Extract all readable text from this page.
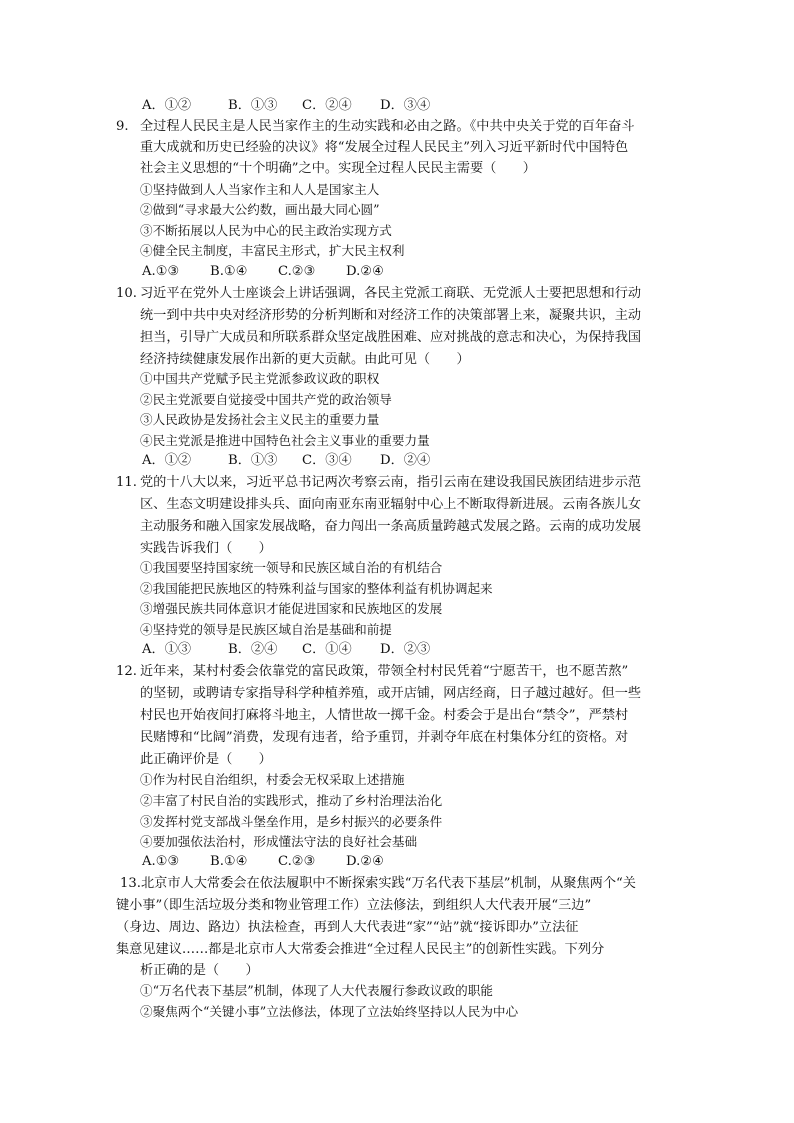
A．①②	B．①③ C．②④ D．③④
9. 全过程人民民主是人民当家作主的生动实践和必由之路。《中共中央关于党的百年奋斗
重大成就和历史已经验的决议》将“发展全过程人民民主”列入习近平新时代中国特色
社会主义思想的“十个明确”之中。实现全过程人民民主需要（　　）
①坚持做到人人当家作主和人人是国家主人
②做到“寻求最大公约数，画出最大同心圆”
③不断拓展以人民为中心的民主政治实现方式
④健全民主制度，丰富民主形式，扩大民主权利
A.①③ B.①④ C.②③ D.②④
10. 习近平在党外人士座谈会上讲话强调，各民主党派工商联、无党派人士要把思想和行动
统一到中共中央对经济形势的分析判断和对经济工作的决策部署上来，凝聚共识，主动
担当，引导广大成员和所联系群众坚定战胜困难、应对挑战的意志和决心，为保持我国
经济持续健康发展作出新的更大贡献。由此可见（　　）
①中国共产党赋予民主党派参政议政的职权
②民主党派要自觉接受中国共产党的政治领导
③人民政协是发扬社会主义民主的重要力量
④民主党派是推进中国特色社会主义事业的重要力量
A．①②	B．①③ C．③④ D．②④
11. 党的十八大以来，习近平总书记两次考察云南，指引云南在建设我国民族团结进步示范
区、生态文明建设排头兵、面向南亚东南亚辐射中心上不断取得新进展。云南各族儿女
主动服务和融入国家发展战略，奋力闯出一条高质量跨越式发展之路。云南的成功发展
实践告诉我们（　　）
①我国要坚持国家统一领导和民族区域自治的有机结合
②我国能把民族地区的特殊利益与国家的整体利益有机协调起来
③增强民族共同体意识才能促进国家和民族地区的发展
④坚持党的领导是民族区域自治是基础和前提
A．①③	B．②④ C．①④ D．②③
12. 近年来，某村村委会依靠党的富民政策，带领全村村民凭着“宁愿苦干，也不愿苦熬”
的坚韧，或聘请专家指导科学种植养殖，或开店铺，网店经商，日子越过越好。但一些
村民也开始夜间打麻将斗地主，人情世故一掷千金。村委会于是出台“禁令”，严禁村
民赌博和“比阔”消费，发现有违者，给予重罚，并剥夺年底在村集体分红的资格。对
此正确评价是（　　）
①作为村民自治组织，村委会无权采取上述措施
②丰富了村民自治的实践形式，推动了乡村治理法治化
③发挥村党支部战斗堡垒作用，是乡村振兴的必要条件
④要加强依法治村，形成懂法守法的良好社会基础
A.①③ B.①④ C.②③ D.②④
13. 北京市人大常委会在依法履职中不断探索实践“万名代表下基层”机制，从聚焦两个“关
键小事”（即生活垃圾分类和物业管理工作）立法修法，到组织人大代表开展“三边”
（身边、周边、路边）执法检查，再到人大代表进“家”“站”就“接诉即办”立法征
集意见建议……都是北京市人大常委会推进“全过程人民民主”的创新性实践。下列分
析正确的是（　　）
①“万名代表下基层”机制，体现了人大代表履行参政议政的职能
②聚焦两个“关键小事”立法修法，体现了立法始终坚持以人民为中心
